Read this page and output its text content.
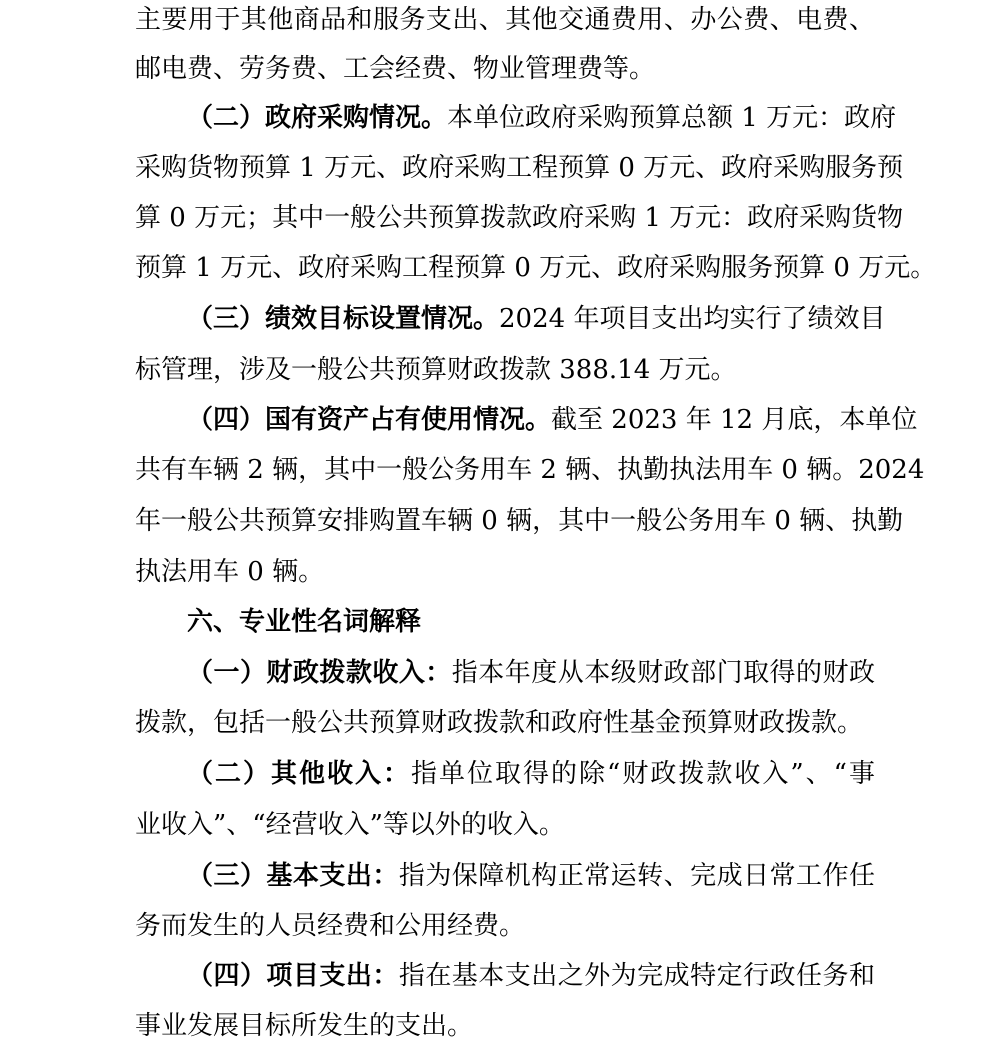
主要用于其他商品和服务支出、其他交通费用、办公费、电费、
邮电费、劳务费、工会经费、物业管理费等。
（二）政府采购情况。本单位政府采购预算总额 1 万元：政府
采购货物预算 1 万元、政府采购工程预算 0 万元、政府采购服务预
算 0 万元；其中一般公共预算拨款政府采购 1 万元：政府采购货物
预算 1 万元、政府采购工程预算 0 万元、政府采购服务预算 0 万元。
（三）绩效目标设置情况。2024 年项目支出均实行了绩效目
标管理，涉及一般公共预算财政拨款 388.14 万元。
（四）国有资产占有使用情况。截至 2023 年 12 月底，本单位
共有车辆 2 辆，其中一般公务用车 2 辆、执勤执法用车 0 辆。2024
年一般公共预算安排购置车辆 0 辆，其中一般公务用车 0 辆、执勤
执法用车 0 辆。
六、专业性名词解释
（一）财政拨款收入：指本年度从本级财政部门取得的财政
拨款，包括一般公共预算财政拨款和政府性基金预算财政拨款。
（二）其他收入：指单位取得的除“财政拨款收入”、“事
业收入”、“经营收入”等以外的收入。
（三）基本支出：指为保障机构正常运转、完成日常工作任
务而发生的人员经费和公用经费。
（四）项目支出：指在基本支出之外为完成特定行政任务和
事业发展目标所发生的支出。
